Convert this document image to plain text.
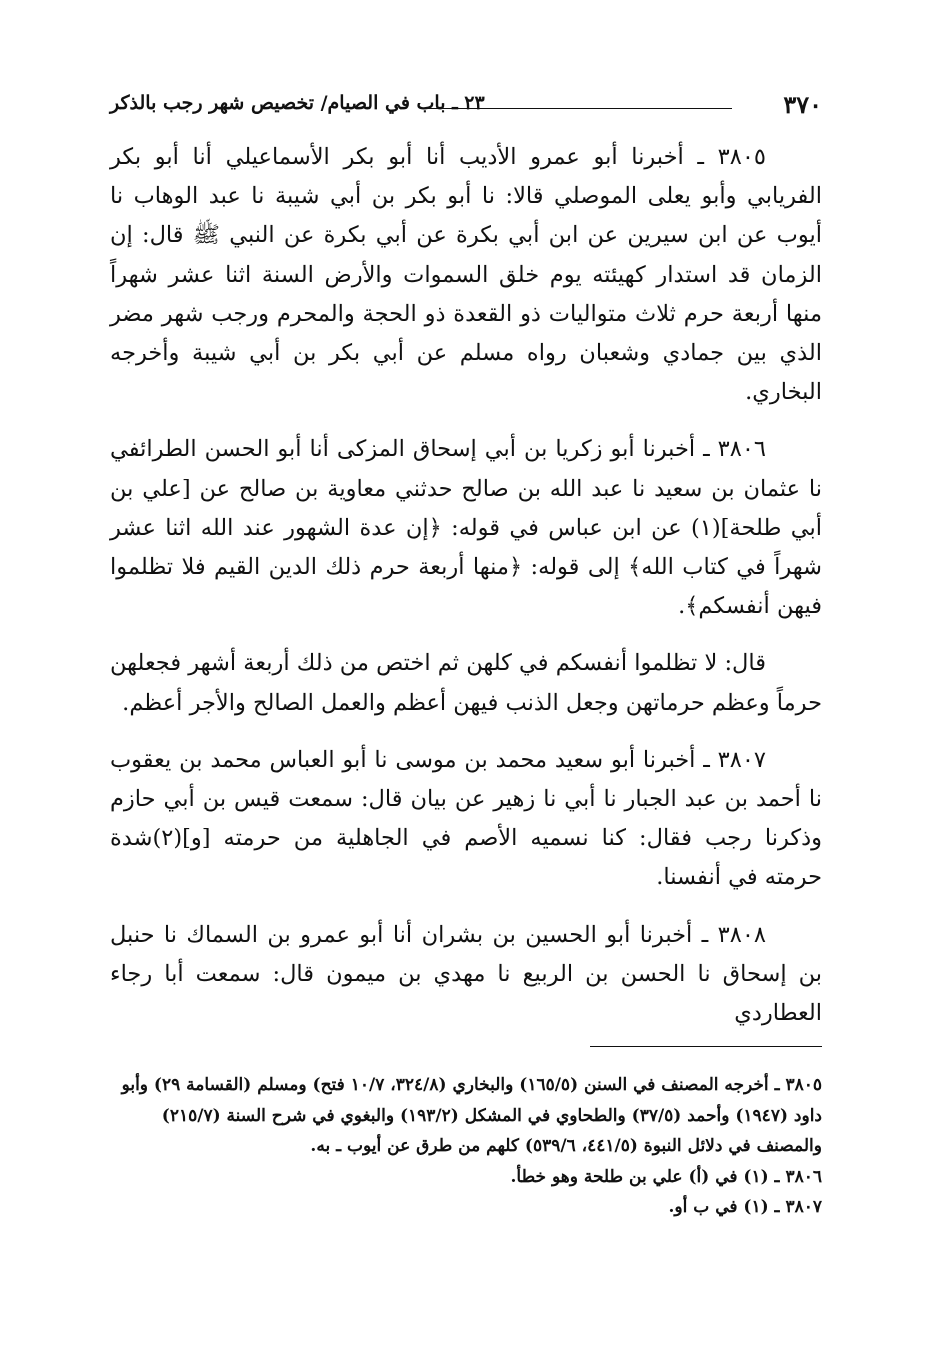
٣٧٠
٢٣ ـ باب في الصيام/ تخصيص شهر رجب بالذكر

٣٨٠٥ ـ أخبرنا أبو عمرو الأديب أنا أبو بكر الأسماعيلي أنا أبو بكر الفريابي وأبو يعلى الموصلي قالا: نا أبو بكر بن أبي شيبة نا عبد الوهاب نا أيوب عن ابن سيرين عن ابن أبي بكرة عن أبي بكرة عن النبي ﷺ قال: إن الزمان قد استدار كهيئته يوم خلق السموات والأرض السنة اثنا عشر شهراً منها أربعة حرم ثلاث متواليات ذو القعدة ذو الحجة والمحرم ورجب شهر مضر الذي بين جمادي وشعبان رواه مسلم عن أبي بكر بن أبي شيبة وأخرجه البخاري.

٣٨٠٦ ـ أخبرنا أبو زكريا بن أبي إسحاق المزكى أنا أبو الحسن الطرائفي نا عثمان بن سعيد نا عبد الله بن صالح حدثني معاوية بن صالح عن [علي بن أبي طلحة](١) عن ابن عباس في قوله: ﴿إن عدة الشهور عند الله اثنا عشر شهراً في كتاب الله﴾ إلى قوله: ﴿منها أربعة حرم ذلك الدين القيم فلا تظلموا فيهن أنفسكم﴾.

قال: لا تظلموا أنفسكم في كلهن ثم اختص من ذلك أربعة أشهر فجعلهن حرماً وعظم حرماتهن وجعل الذنب فيهن أعظم والعمل الصالح والأجر أعظم.

٣٨٠٧ ـ أخبرنا أبو سعيد محمد بن موسى نا أبو العباس محمد بن يعقوب نا أحمد بن عبد الجبار نا أبي نا زهير عن بيان قال: سمعت قيس بن أبي حازم وذكرنا رجب فقال: كنا نسميه الأصم في الجاهلية من حرمته [و](٢)شدة حرمته في أنفسنا.

٣٨٠٨ ـ أخبرنا أبو الحسين بن بشران أنا أبو عمرو بن السماك نا حنبل بن إسحاق نا الحسن بن الربيع نا مهدي بن ميمون قال: سمعت أبا رجاء العطاردي

٣٨٠٥ ـ أخرجه المصنف في السنن (١٦٥/٥) والبخاري (٣٢٤/٨، ١٠/٧ فتح) ومسلم (القسامة ٢٩) وأبو داود (١٩٤٧) وأحمد (٣٧/٥) والطحاوي في المشكل (١٩٣/٢) والبغوي في شرح السنة (٢١٥/٧) والمصنف في دلائل النبوة (٤٤١/٥، ٥٣٩/٦) كلهم من طرق عن أيوب ـ به.

٣٨٠٦ ـ (١) في (أ) علي بن طلحة وهو خطأ.

٣٨٠٧ ـ (١) في ب أو.
